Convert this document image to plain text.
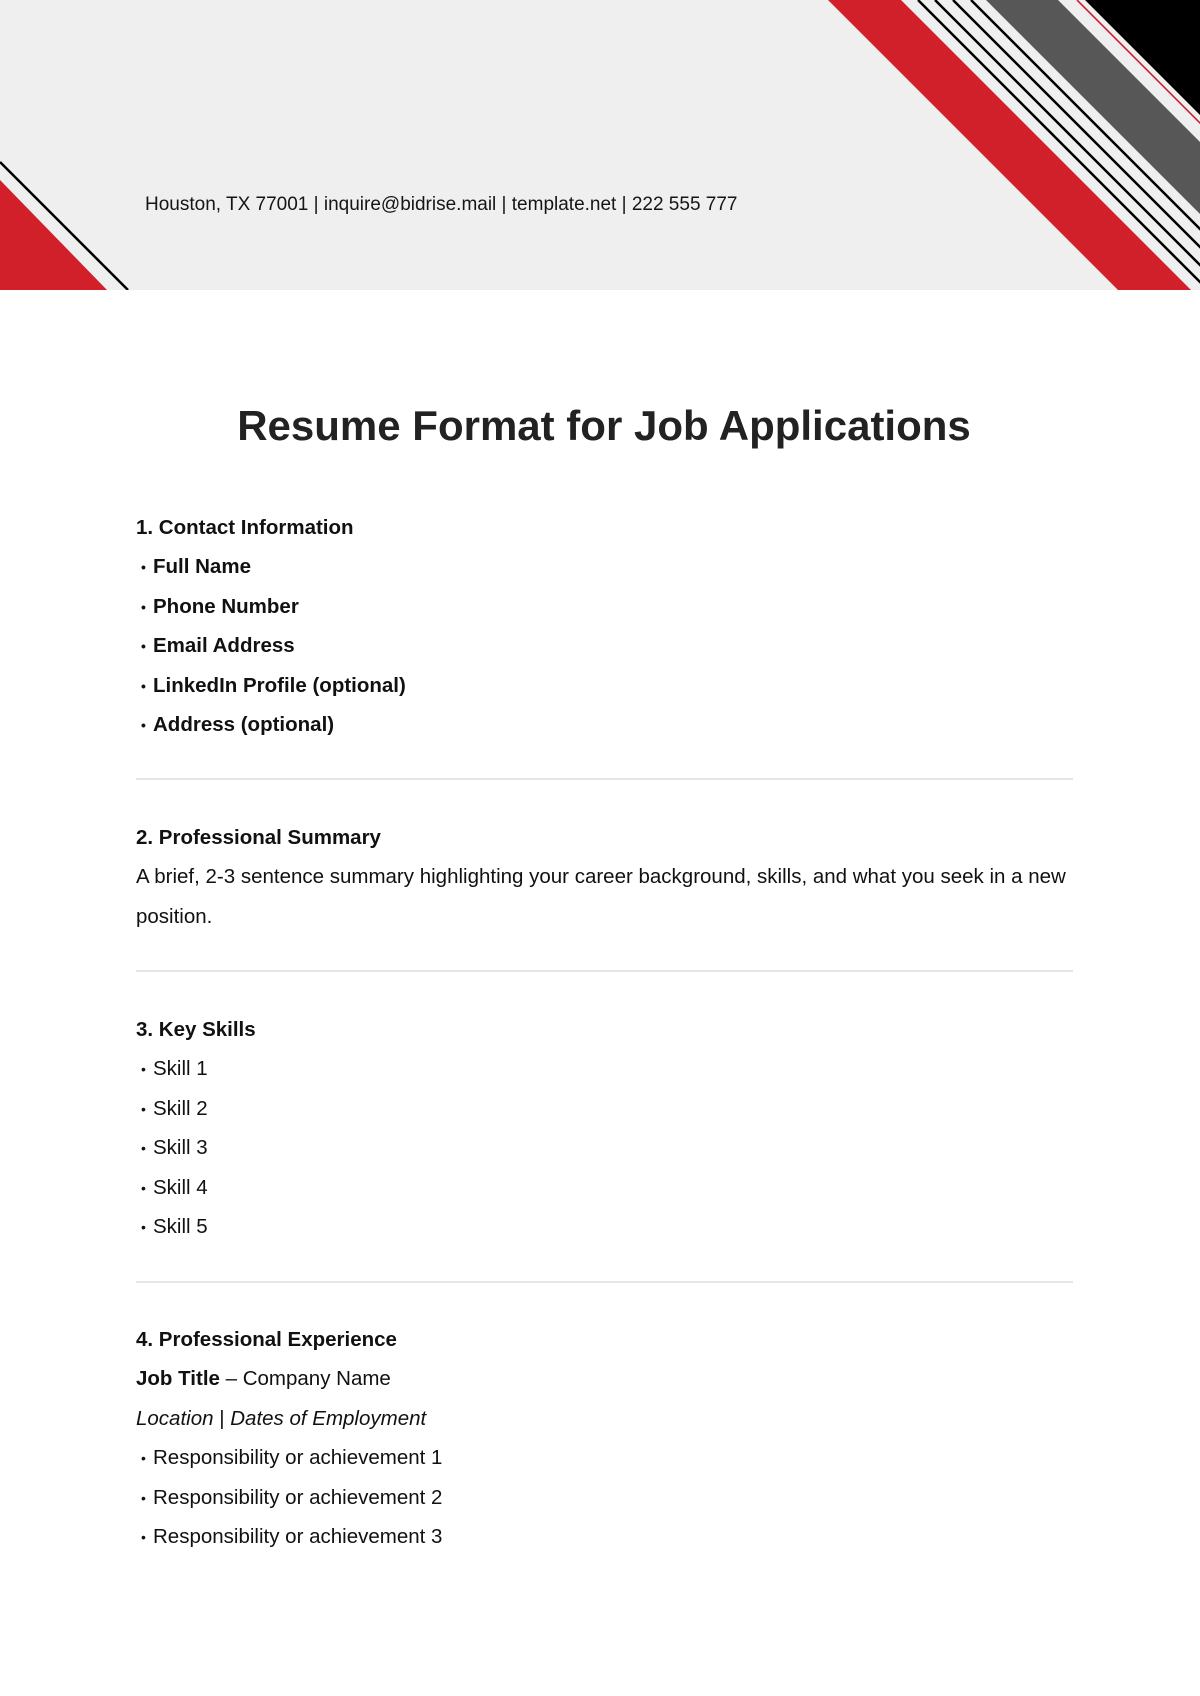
Houston, TX 77001 | inquire@bidrise.mail | template.net | 222 555 777
Resume Format for Job Applications
1. Contact Information
• Full Name
• Phone Number
• Email Address
• LinkedIn Profile (optional)
• Address (optional)
2. Professional Summary
A brief, 2-3 sentence summary highlighting your career background, skills, and what you seek in a new position.
3. Key Skills
• Skill 1
• Skill 2
• Skill 3
• Skill 4
• Skill 5
4. Professional Experience
Job Title – Company Name
Location | Dates of Employment
• Responsibility or achievement 1
• Responsibility or achievement 2
• Responsibility or achievement 3
